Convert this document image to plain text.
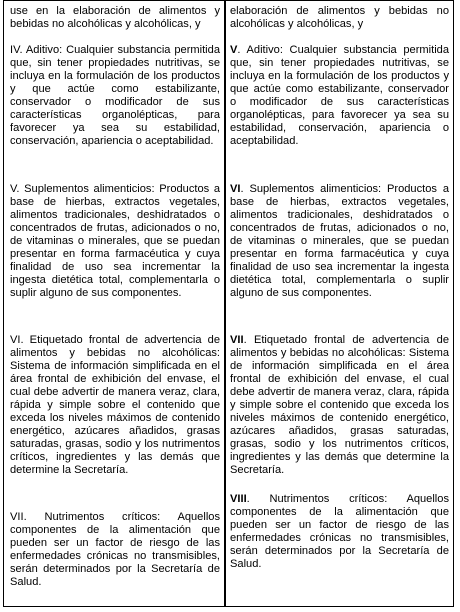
use en la elaboración de alimentos y bebidas no alcohólicas y alcohólicas, y

IV. Aditivo: Cualquier substancia permitida que, sin tener propiedades nutritivas, se incluya en la formulación de los productos y que actúe como estabilizante, conservador o modificador de sus características organolépticas, para favorecer ya sea su estabilidad, conservación, apariencia o aceptabilidad.

V. Suplementos alimenticios: Productos a base de hierbas, extractos vegetales, alimentos tradicionales, deshidratados o concentrados de frutas, adicionados o no, de vitaminas o minerales, que se puedan presentar en forma farmacéutica y cuya finalidad de uso sea incrementar la ingesta dietética total, complementarla o suplir alguno de sus componentes.

VI. Etiquetado frontal de advertencia de alimentos y bebidas no alcohólicas: Sistema de información simplificada en el área frontal de exhibición del envase, el cual debe advertir de manera veraz, clara, rápida y simple sobre el contenido que exceda los niveles máximos de contenido energético, azúcares añadidos, grasas saturadas, grasas, sodio y los nutrimentos críticos, ingredientes y las demás que determine la Secretaría.

VII. Nutrimentos críticos: Aquellos componentes de la alimentación que pueden ser un factor de riesgo de las enfermedades crónicas no transmisibles, serán determinados por la Secretaría de Salud.

elaboración de alimentos y bebidas no alcohólicas y alcohólicas, y

V. Aditivo: Cualquier substancia permitida que, sin tener propiedades nutritivas, se incluya en la formulación de los productos y que actúe como estabilizante, conservador o modificador de sus características organolépticas, para favorecer ya sea su estabilidad, conservación, apariencia o aceptabilidad.

VI. Suplementos alimenticios: Productos a base de hierbas, extractos vegetales, alimentos tradicionales, deshidratados o concentrados de frutas, adicionados o no, de vitaminas o minerales, que se puedan presentar en forma farmacéutica y cuya finalidad de uso sea incrementar la ingesta dietética total, complementarla o suplir alguno de sus componentes.

VII. Etiquetado frontal de advertencia de alimentos y bebidas no alcohólicas: Sistema de información simplificada en el área frontal de exhibición del envase, el cual debe advertir de manera veraz, clara, rápida y simple sobre el contenido que exceda los niveles máximos de contenido energético, azúcares añadidos, grasas saturadas, grasas, sodio y los nutrimentos críticos, ingredientes y las demás que determine la Secretaría.

VIII. Nutrimentos críticos: Aquellos componentes de la alimentación que pueden ser un factor de riesgo de las enfermedades crónicas no transmisibles, serán determinados por la Secretaría de Salud.
